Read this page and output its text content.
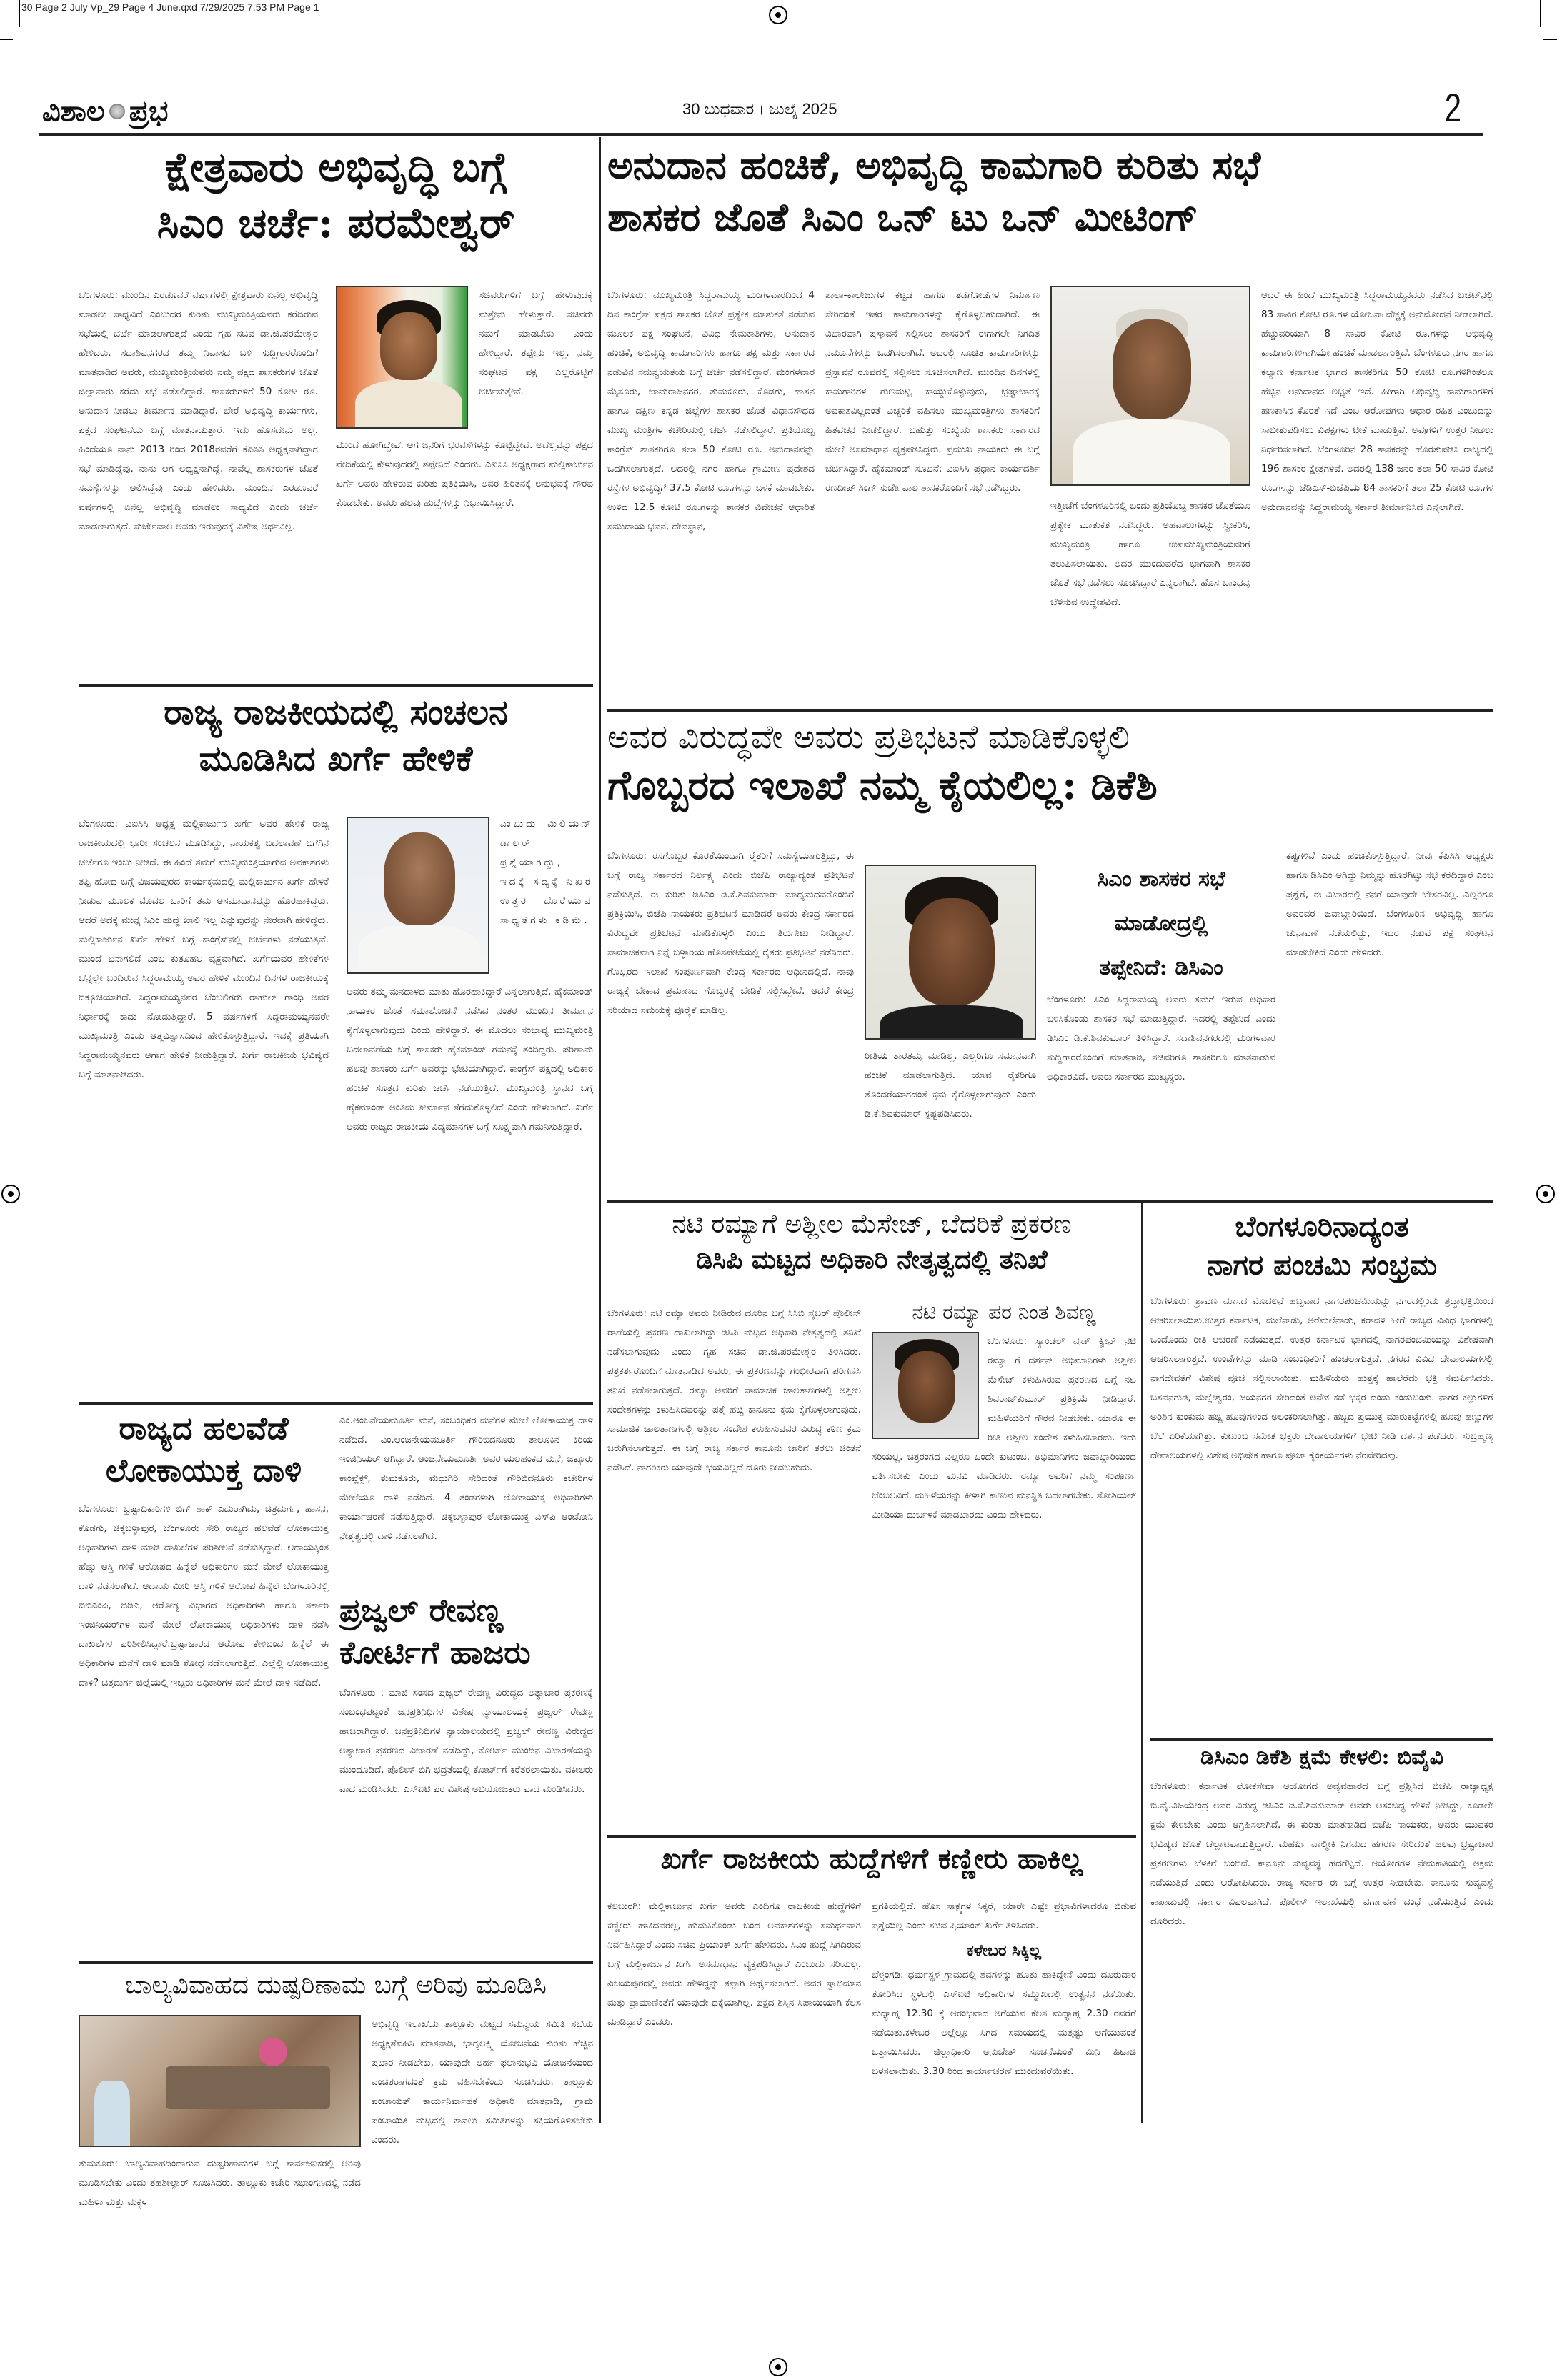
30 Page 2 July Vp_29 Page 4 June.qxd 7/29/2025 7:53 PM Page 1
ವಿಶಾಲ ಪ್ರಭ	30 ಬುಧವಾರ । ಜುಲೈ 2025	2
ಕ್ಷೇತ್ರವಾರು ಅಭಿವೃದ್ಧಿ ಬಗ್ಗೆ
ಸಿಎಂ ಚರ್ಚೆ: ಪರಮೇಶ್ವರ್
ಬೆಂಗಳೂರು: ಮುಂದಿನ ಎರಡೂವರೆ ವರ್ಷಗಳಲ್ಲಿ ಕ್ಷೇತ್ರವಾರು ಏನೆಲ್ಲ ಅಭಿವೃದ್ಧಿ ಮಾಡಲು ಸಾಧ್ಯವಿದೆ ಎಂಬುದರ ಕುರಿತು ಮುಖ್ಯಮಂತ್ರಿಯವರು ಕರೆದಿರುವ ಸಭೆಯಲ್ಲಿ ಚರ್ಚೆ ಮಾಡಲಾಗುತ್ತದೆ ಎಂದು ಗೃಹ ಸಚಿವ ಡಾ.ಜಿ.ಪರಮೇಶ್ವರ ಹೇಳಿದರು. ಸದಾಶಿವನಗರದ ತಮ್ಮ ನಿವಾಸದ ಬಳಿ ಸುದ್ದಿಗಾರರೊಂದಿಗೆ ಮಾತನಾಡಿದ ಅವರು, ಮುಖ್ಯಮಂತ್ರಿಯವರು ನಮ್ಮ ಪಕ್ಷದ ಶಾಸಕರುಗಳ ಜೊತೆ ಜಿಲ್ಲಾವಾರು ಕರೆದು ಸಭೆ ನಡೆಸಲಿದ್ದಾರೆ. ಶಾಸಕರುಗಳಿಗೆ 50 ಕೋಟಿ ರೂ. ಅನುದಾನ ನೀಡಲು ತೀರ್ಮಾನ ಮಾಡಿದ್ದಾರೆ. ಬೇರೆ ಅಭಿವೃದ್ಧಿ ಕಾರ್ಯಗಳು, ಪಕ್ಷದ ಸಂಘಟನೆಯ ಬಗ್ಗೆ ಮಾತನಾಡುತ್ತಾರೆ. ಇದು ಹೊಸದೇನು ಅಲ್ಲ. ಹಿಂದೆಯೂ ನಾನು 2013 ರಿಂದ 2018ರವರೆಗೆ ಕೆಪಿಸಿಸಿ ಅಧ್ಯಕ್ಷನಾಗಿದ್ದಾಗ ಸಭೆ ಮಾಡಿದ್ದೆವು. ನಾನು ಆಗ ಅಧ್ಯಕ್ಷನಾಗಿದ್ದೆ. ನಾವೆಲ್ಲ ಶಾಸಕರುಗಳ ಜೊತೆ ಸಮಸ್ಯೆಗಳನ್ನು ಆಲಿಸಿದ್ದೆವು ಎಂದು ಹೇಳಿದರು. ಮುಂದಿನ ಎರಡೂವರೆ ವರ್ಷಗಳಲ್ಲಿ ಏನೆಲ್ಲ ಅಭಿವೃದ್ಧಿ ಮಾಡಲು ಸಾಧ್ಯವಿದೆ ಎಂದು ಚರ್ಚೆ ಮಾಡಲಾಗುತ್ತದೆ. ಸುರ್ಜೇವಾಲ ಅವರು ಇರುವುದಕ್ಕೆ ವಿಶೇಷ ಅರ್ಥವಿಲ್ಲ.
ಸಚಿವರುಗಳಿಗೆ ಬಗ್ಗೆ ಹೇಳುವುದಕ್ಕೆ ಮತ್ತೇನು ಹೇಳುತ್ತಾರೆ. ಸಚಿವರು ನಮಗೆ ಮಾಡಬೇಕು ಎಂದು ಹೇಳಿದ್ದಾರೆ. ತಪ್ಪೇನು ಇಲ್ಲ. ನಮ್ಮ ಸಂಘಟನೆ ಪಕ್ಷ ಎಲ್ಲರೊಟ್ಟಿಗೆ ಚರ್ಚಿಸುತ್ತೇವೆ.
ಮುಂದೆ ಹೋಗಿದ್ದೇವೆ. ಆಗ ಜನರಿಗೆ ಭರವಸೆಗಳನ್ನು ಕೊಟ್ಟಿದ್ದೇವೆ. ಅದೆಲ್ಲವನ್ನು ಪಕ್ಷದ ವೇದಿಕೆಯಲ್ಲಿ ಕೇಳುವುದರಲ್ಲಿ ತಪ್ಪೇನಿದೆ ಎಂದರು. ಎಐಸಿಸಿ ಅಧ್ಯಕ್ಷರಾದ ಮಲ್ಲಿಕಾರ್ಜುನ ಖರ್ಗೆ ಅವರು ಹೇಳಿರುವ ಕುರಿತು ಪ್ರತಿಕ್ರಿಯಿಸಿ, ಅವರ ಹಿರಿತನಕ್ಕೆ ಅನುಭವಕ್ಕೆ ಗೌರವ ಕೊಡಬೇಕು. ಅವರು ಹಲವು ಹುದ್ದೆಗಳನ್ನು ನಿಭಾಯಿಸಿದ್ದಾರೆ.
ರಾಜ್ಯ ರಾಜಕೀಯದಲ್ಲಿ ಸಂಚಲನ
ಮೂಡಿಸಿದ ಖರ್ಗೆ ಹೇಳಿಕೆ
ಬೆಂಗಳೂರು: ಎಐಸಿಸಿ ಅಧ್ಯಕ್ಷ ಮಲ್ಲಿಕಾರ್ಜುನ ಖರ್ಗೆ ಅವರ ಹೇಳಿಕೆ ರಾಜ್ಯ ರಾಜಕೀಯದಲ್ಲಿ ಭಾರೀ ಸಂಚಲನ ಮೂಡಿಸಿದ್ದು, ನಾಯಕತ್ವ ಬದಲಾವಣೆ ಬಗೆಗಿನ ಚರ್ಚೆಗೂ ಇಂಬು ನೀಡಿದೆ. ಈ ಹಿಂದೆ ತಮಗೆ ಮುಖ್ಯಮಂತ್ರಿಯಾಗುವ ಅವಕಾಶಗಳು ತಪ್ಪಿ ಹೋದ ಬಗ್ಗೆ ವಿಜಯಪುರದ ಕಾರ್ಯಕ್ರಮದಲ್ಲಿ ಮಲ್ಲಿಕಾರ್ಜುನ ಖರ್ಗೆ ಹೇಳಿಕೆ ನೀಡುವ ಮೂಲಕ ಮೊದಲ ಬಾರಿಗೆ ತಮ ಅಸಮಾಧಾನವನ್ನು ಹೊರಹಾಕಿದ್ದರು. ಆದರೆ ಅದಕ್ಕೆ ಮುನ್ನ ಸಿಎಂ ಹುದ್ದೆ ಖಾಲಿ ಇಲ್ಲ ಎನ್ನುವುದನ್ನು ನೇರವಾಗಿ ಹೇಳಿದ್ದರು. ಮಲ್ಲಿಕಾರ್ಜುನ ಖರ್ಗೆ ಹೇಳಿಕೆ ಬಗ್ಗೆ ಕಾಂಗ್ರೆಸ್‌ನಲ್ಲಿ ಚರ್ಚೆಗಳು ನಡೆಯುತ್ತಿವೆ. ಮುಂದೆ ಏನಾಗಲಿದೆ ಎಂಬ ಕುತೂಹಲ ವ್ಯಕ್ತವಾಗಿದೆ. ಖರ್ಗೆಯವರ ಹೇಳಿಕೆಗಳ ಬೆನ್ನಲ್ಲೇ ಬಂದಿರುವ ಸಿದ್ದರಾಮಯ್ಯ ಅವರ ಹೇಳಿಕೆ ಮುಂದಿನ ದಿನಗಳ ರಾಜಕೀಯಕ್ಕೆ ದಿಕ್ಸೂಚಿಯಾಗಿದೆ. ಸಿದ್ದರಾಮಯ್ಯನವರ ಬೆಂಬಲಿಗರು ರಾಹುಲ್ ಗಾಂಧಿ ಅವರ ನಿರ್ಧಾರಕ್ಕೆ ಕಾದು ನೋಡುತ್ತಿದ್ದಾರೆ. 5 ವರ್ಷಗಳಿಗೆ ಸಿದ್ದರಾಮಯ್ಯನವರೇ ಮುಖ್ಯಮಂತ್ರಿ ಎಂದು ಆತ್ಮವಿಶ್ವಾಸದಿಂದ ಹೇಳಿಕೊಳ್ಳುತ್ತಿದ್ದಾರೆ. ಇದಕ್ಕೆ ಪ್ರತಿಯಾಗಿ ಸಿದ್ದರಾಮಯ್ಯನವರು ಆಗಾಗ ಹೇಳಿಕೆ ನೀಡುತ್ತಿದ್ದಾರೆ. ಖರ್ಗೆ ರಾಜಕೀಯ ಭವಿಷ್ಯದ ಬಗ್ಗೆ ಮಾತನಾಡಿದರು.
ಎಂಬುದು ಮಿಲಿಯನ್ ಡಾಲರ್ ಪ್ರಶ್ನೆಯಾಗಿದ್ದು, ಇದಕ್ಕೆ ಸದ್ಯಕ್ಕೆ ನಿಖರ ಉತ್ತರ ದೊರೆಯುವ ಸಾಧ್ಯತೆಗಳು ಕಡಿಮೆ.
ಅವರು ತಮ್ಮ ಮನದಾಳದ ಮಾತು ಹೊರಹಾಕಿದ್ದಾರೆ ಎನ್ನಲಾಗುತ್ತಿದೆ. ಹೈಕಮಾಂಡ್ ನಾಯಕರ ಜೊತೆ ಸಮಾಲೋಚನೆ ನಡೆಸಿದ ನಂತರ ಮುಂದಿನ ತೀರ್ಮಾನ ಕೈಗೊಳ್ಳಲಾಗುವುದು ಎಂದು ಹೇಳಿದ್ದಾರೆ. ಈ ಮೊದಲು ಸಂಭಾವ್ಯ ಮುಖ್ಯಮಂತ್ರಿ ಬದಲಾವಣೆಯ ಬಗ್ಗೆ ಶಾಸಕರು ಹೈಕಮಾಂಡ್ ಗಮನಕ್ಕೆ ತಂದಿದ್ದರು. ಪರಿಣಾಮ ಹಲವು ಶಾಸಕರು ಖರ್ಗೆ ಅವರನ್ನು ಭೇಟಿಯಾಗಿದ್ದಾರೆ. ಕಾಂಗ್ರೆಸ್ ಪಕ್ಷದಲ್ಲಿ ಅಧಿಕಾರ ಹಂಚಿಕೆ ಸೂತ್ರದ ಕುರಿತು ಚರ್ಚೆ ನಡೆಯುತ್ತಿದೆ. ಮುಖ್ಯಮಂತ್ರಿ ಸ್ಥಾನದ ಬಗ್ಗೆ ಹೈಕಮಾಂಡ್ ಅಂತಿಮ ತೀರ್ಮಾನ ತೆಗೆದುಕೊಳ್ಳಲಿದೆ ಎಂದು ಹೇಳಲಾಗಿದೆ. ಖರ್ಗೆ ಅವರು ರಾಜ್ಯದ ರಾಜಕೀಯ ವಿದ್ಯಮಾನಗಳ ಬಗ್ಗೆ ಸೂಕ್ಷ್ಮವಾಗಿ ಗಮನಿಸುತ್ತಿದ್ದಾರೆ.
ರಾಜ್ಯದ ಹಲವೆಡೆ
ಲೋಕಾಯುಕ್ತ ದಾಳಿ
ಬೆಂಗಳೂರು: ಭ್ರಷ್ಟಾಧಿಕಾರಿಗಳಿ ಬಿಗ್ ಶಾಕ್ ಎದುರಾಗಿದು, ಚಿತ್ರದುರ್ಗ, ಹಾಸನ, ಕೊಡಗು, ಚಿಕ್ಕಬಳ್ಳಾಪುರ, ಬೆಂಗಳೂರು ಸೇರಿ ರಾಜ್ಯದ ಹಲವೆಡೆ ಲೋಕಾಯುಕ್ತ ಅಧಿಕಾರಿಗಳು ದಾಳಿ ಮಾಡಿ ದಾಖಲೆಗಳ ಪರಿಶೀಲನೆ ನಡೆಸುತ್ತಿದ್ದಾರೆ. ಆದಾಯಕ್ಕಿಂತ ಹೆಚ್ಚು ಆಸ್ತಿ ಗಳಿಕೆ ಆರೋಪದ ಹಿನ್ನೆಲೆ ಅಧಿಕಾರಿಗಳ ಮನೆ ಮೇಲೆ ಲೋಕಾಯುಕ್ತ ದಾಳಿ ನಡೆಸಲಾಗಿದೆ. ಆದಾಯ ಮೀರಿ ಆಸ್ತಿ ಗಳಿಕೆ ಆರೋಪ ಹಿನ್ನೆಲೆ ಬೆಂಗಳೂರಿನಲ್ಲಿ ಬಿಬಿಎಂಪಿ, ಬಿಡಿಎ, ಆರೋಗ್ಯ ವಿಭಾಗದ ಅಧಿಕಾರಿಗಳು ಹಾಗೂ ಸರ್ಕಾರಿ ಇಂಜಿನಿಯರ್‌ಗಳ ಮನೆ ಮೇಲೆ ಲೋಕಾಯುಕ್ತ ಅಧಿಕಾರಿಗಳು ದಾಳಿ ನಡೆಸಿ ದಾಖಲೆಗಳ ಪರಿಶೀಲಿಸಿದ್ದಾರೆ.ಭ್ರಷ್ಟಾಚಾರದ ಆರೋಪ ಕೇಳಿಬಂದ ಹಿನ್ನೆಲೆ ಈ ಅಧಿಕಾರಿಗಳ ಮನೆಗೆ ದಾಳಿ ಮಾಡಿ ಶೋಧ ನಡೆಸಲಾಗುತ್ತಿದೆ. ಎಲ್ಲೆಲ್ಲಿ ಲೋಕಾಯುಕ್ತ ದಾಳಿ? ಚಿತ್ರದುರ್ಗ ಜಿಲ್ಲೆಯಲ್ಲಿ ಇಬ್ಬರು ಅಧಿಕಾರಿಗಳ ಮನೆ ಮೇಲೆ ದಾಳಿ ನಡೆದಿದೆ.
ಎಂ.ಆಂಜನೇಯಮೂರ್ತಿ ಮನೆ, ಸಂಬಂಧಿಕರ ಮನೆಗಳ ಮೇಲೆ ಲೋಕಾಯುಕ್ತ ದಾಳಿ ನಡೆದಿದೆ. ಎಂ.ಆಂಜನೇಯಮೂರ್ತಿ ಗೌರಿಬಿದನೂರು ತಾಲೂಕಿನ ಕಿರಿಯ ಇಂಜಿನಿಯರ್ ಆಗಿದ್ದಾರೆ. ಆಂಜನೇಯಮೂರ್ತಿ ಅವರ ಯಲಹಂಕದ ಮನೆ, ಜಕ್ಕೂರು ಕಾಂಪ್ಲೆಕ್ಸ್, ತುಮಕೂರು, ಮಧುಗಿರಿ ಸೇರಿದಂತೆ ಗೌರಿಬಿದನೂರು ಕಚೇರಿಗಳ ಮೇಲೆಯೂ ದಾಳಿ ನಡೆದಿದೆ. 4 ತಂಡಗಳಾಗಿ ಲೋಕಾಯುಕ್ತ ಅಧಿಕಾರಿಗಳು ಕಾರ್ಯಾಚರಣೆ ನಡೆಸುತ್ತಿದ್ದಾರೆ. ಚಿಕ್ಕಬಳ್ಳಾಪುರ ಲೋಕಾಯುಕ್ತ ಎಸ್‌ಪಿ ಆಂಟೋನಿ ನೇತೃತ್ವದಲ್ಲಿ ದಾಳಿ ನಡೆಸಲಾಗಿದೆ.
ಪ್ರಜ್ವಲ್ ರೇವಣ್ಣ
ಕೋರ್ಟಿಗೆ ಹಾಜರು
ಬೆಂಗಳೂರು : ಮಾಜಿ ಸಂಸದ ಪ್ರಜ್ವಲ್ ರೇವಣ್ಣ ವಿರುದ್ಧದ ಅತ್ಯಾಚಾರ ಪ್ರಕರಣಕ್ಕೆ ಸಂಬಂಧಪಟ್ಟಂತೆ ಜನಪ್ರತಿನಿಧಿಗಳ ವಿಶೇಷ ನ್ಯಾಯಾಲಯಕ್ಕೆ ಪ್ರಜ್ವಲ್ ರೇವಣ್ಣ ಹಾಜರಾಗಿದ್ದಾರೆ. ಜನಪ್ರತಿನಿಧಿಗಳ ನ್ಯಾಯಾಲಯದಲ್ಲಿ ಪ್ರಜ್ವಲ್ ರೇವಣ್ಣ ವಿರುದ್ಧದ ಅತ್ಯಾಚಾರ ಪ್ರಕರಣದ ವಿಚಾರಣೆ ನಡೆದಿದ್ದು, ಕೋರ್ಟ್ ಮುಂದಿನ ವಿಚಾರಣೆಯನ್ನು ಮುಂದೂಡಿದೆ. ಪೊಲೀಸ್ ಬಿಗಿ ಭದ್ರತೆಯಲ್ಲಿ ಕೋರ್ಟ್‌ಗೆ ಕರೆತರಲಾಯಿತು. ವಕೀಲರು ವಾದ ಮಂಡಿಸಿದರು. ಎಸ್‌ಐಟಿ ಪರ ವಿಶೇಷ ಅಭಿಯೋಜಕರು ವಾದ ಮಂಡಿಸಿದರು.
ಬಾಲ್ಯವಿವಾಹದ ದುಷ್ಪರಿಣಾಮ ಬಗ್ಗೆ ಅರಿವು ಮೂಡಿಸಿ
ಅಭಿವೃದ್ಧಿ ಇಲಾಖೆಯ ತಾಲ್ಲೂಕು ಮಟ್ಟದ ಸಮನ್ವಯ ಸಮಿತಿ ಸಭೆಯ ಅಧ್ಯಕ್ಷತೆವಹಿಸಿ ಮಾತನಾಡಿ, ಭಾಗ್ಯಲಕ್ಷ್ಮಿ ಯೋಜನೆಯ ಕುರಿತು ಹೆಚ್ಚಿನ ಪ್ರಚಾರ ನೀಡಬೇಕು, ಯಾವುದೇ ಅರ್ಹ ಫಲಾನುಭವಿ ಯೋಜನೆಯಿಂದ ವಂಚಿತರಾಗದಂತೆ ಕ್ರಮ ವಹಿಸಬೇಕೆಂದು ಸೂಚಿಸಿದರು. ತಾಲ್ಲೂಕು ಪಂಚಾಯತ್ ಕಾರ್ಯನಿರ್ವಾಹಕ ಅಧಿಕಾರಿ ಮಾತನಾಡಿ, ಗ್ರಾಮ ಪಂಚಾಯಿತಿ ಮಟ್ಟದಲ್ಲಿ ಕಾವಲು ಸಮಿತಿಗಳನ್ನು ಸಕ್ರಿಯಗೊಳಿಸಬೇಕು ಎಂದರು.
ತುಮಕೂರು: ಬಾಲ್ಯವಿವಾಹದಿಂದಾಗುವ ದುಷ್ಪರಿಣಾಮಗಳ ಬಗ್ಗೆ ಸಾರ್ವಜನಿಕರಲ್ಲಿ ಅರಿವು ಮೂಡಿಸಬೇಕು ಎಂದು ತಹಶೀಲ್ದಾರ್ ಸೂಚಿಸಿದರು. ತಾಲ್ಲೂಕು ಕಚೇರಿ ಸಭಾಂಗಣದಲ್ಲಿ ನಡೆದ ಮಹಿಳಾ ಮತ್ತು ಮಕ್ಕಳ
ಅನುದಾನ ಹಂಚಿಕೆ, ಅಭಿವೃದ್ಧಿ ಕಾಮಗಾರಿ ಕುರಿತು ಸಭೆ
ಶಾಸಕರ ಜೊತೆ ಸಿಎಂ ಒನ್ ಟು ಒನ್ ಮೀಟಿಂಗ್
ಬೆಂಗಳೂರು: ಮುಖ್ಯಮಂತ್ರಿ ಸಿದ್ದರಾಮಯ್ಯ ಮಂಗಳವಾರದಿಂದ 4 ದಿನ ಕಾಂಗ್ರೆಸ್ ಪಕ್ಷದ ಶಾಸಕರ ಜೊತೆ ಪ್ರತ್ಯೇಕ ಮಾತುಕತೆ ನಡೆಸುವ ಮೂಲಕ ಪಕ್ಷ ಸಂಘಟನೆ, ವಿವಿಧ ನೇಮಕಾತಿಗಳು, ಅನುದಾನ ಹಂಚಿಕೆ, ಅಭಿವೃದ್ಧಿ ಕಾಮಗಾರಿಗಳು ಹಾಗೂ ಪಕ್ಷ ಮತ್ತು ಸರ್ಕಾರದ ನಡುವಿನ ಸಮನ್ವಯತೆಯ ಬಗ್ಗೆ ಚರ್ಚೆ ನಡೆಸಲಿದ್ದಾರೆ. ಮಂಗಳವಾರ ಮೈಸೂರು, ಚಾಮರಾಜನಗರ, ತುಮಕೂರು, ಕೊಡಗು, ಹಾಸನ ಹಾಗೂ ದಕ್ಷಿಣ ಕನ್ನಡ ಜಿಲ್ಲೆಗಳ ಶಾಸಕರ ಜೊತೆ ವಿಧಾನಸೌಧದ ಮುಖ್ಯ ಮಂತ್ರಿಗಳ ಕಚೇರಿಯಲ್ಲಿ ಚರ್ಚೆ ನಡೆಸಲಿದ್ದಾರೆ. ಪ್ರತಿಯೊಬ್ಬ ಕಾಂಗ್ರೆಸ್ ಶಾಸಕರಿಗೂ ತಲಾ 50 ಕೋಟಿ ರೂ. ಅನುದಾನವನ್ನು ಒದಗಿಸಲಾಗುತ್ತದೆ. ಅದರಲ್ಲಿ ನಗರ ಹಾಗೂ ಗ್ರಾಮೀಣ ಪ್ರದೇಶದ ರಸ್ತೆಗಳ ಅಭಿವೃದ್ಧಿಗೆ 37.5 ಕೋಟಿ ರೂ.ಗಳನ್ನು ಬಳಕೆ ಮಾಡಬೇಕು. ಉಳಿದ 12.5 ಕೋಟಿ ರೂ.ಗಳನ್ನು ಶಾಸಕರ ವಿವೇಚನೆ ಆಧಾರಿತ ಸಮುದಾಯ ಭವನ, ದೇವಸ್ಥಾನ,
ಶಾಲಾ-ಕಾಲೇಜುಗಳ ಕಟ್ಟಡ ಹಾಗೂ ತಡೆಗೋಡೆಗಳ ನಿರ್ಮಾಣ ಸೇರಿದಂತೆ ಇತರ ಕಾಮಗಾರಿಗಳನ್ನು ಕೈಗೊಳ್ಳಬಹುದಾಗಿದೆ. ಈ ವಿಚಾರವಾಗಿ ಪ್ರಸ್ತಾವನೆ ಸಲ್ಲಿಸಲು ಶಾಸಕರಿಗೆ ಈಗಾಗಲೇ ನಿಗದಿತ ನಮೂನೆಗಳನ್ನು ಒದಗಿಸಲಾಗಿದೆ. ಅದರಲ್ಲಿ ಸೂಚಿತ ಕಾಮಗಾರಿಗಳನ್ನು ಪ್ರಸ್ತಾವನೆ ರೂಪದಲ್ಲಿ ಸಲ್ಲಿಸಲು ಸೂಚಿಸಲಾಗಿದೆ. ಮುಂದಿನ ದಿನಗಳಲ್ಲಿ ಕಾಮಗಾರಿಗಳ ಗುಣಮಟ್ಟ ಕಾಯ್ದುಕೊಳ್ಳುವುದು, ಭ್ರಷ್ಟಾಚಾರಕ್ಕೆ ಅವಕಾಶವಿಲ್ಲದಂತೆ ಎಚ್ಚರಿಕೆ ವಹಿಸಲು ಮುಖ್ಯಮಂತ್ರಿಗಳು ಶಾಸಕರಿಗೆ ಹಿತವಚನ ನೀಡಲಿದ್ದಾರೆ. ಬಹುತ್ತು ಸಂಖ್ಯೆಯ ಶಾಸಕರು ಸರ್ಕಾರದ ಮೇಲೆ ಅಸಮಾಧಾನ ವ್ಯಕ್ತಪಡಿಸಿದ್ದರು. ಪ್ರಮುಖ ನಾಯಕರು ಈ ಬಗ್ಗೆ ಚರ್ಚಿಸಿದ್ದಾರೆ. ಹೈಕಮಾಂಡ್ ಸೂಚನೆ: ಎಐಸಿಸಿ ಪ್ರಧಾನ ಕಾರ್ಯದರ್ಶಿ ರಣದೀಪ್ ಸಿಂಗ್ ಸುರ್ಜೇವಾಲ ಶಾಸಕರೊಂದಿಗೆ ಸಭೆ ನಡೆಸಿದ್ದರು.
ಇತ್ತೀಚೆಗೆ ಬೆಂಗಳೂರಿನಲ್ಲಿ ಬಂದು ಪ್ರತಿಯೊಬ್ಬ ಶಾಸಕರ ಜೊತೆಯೂ ಪ್ರತ್ಯೇಕ ಮಾತುಕತೆ ನಡೆಸಿದ್ದರು. ಅಹವಾಲುಗಳನ್ನು ಸ್ವೀಕರಿಸಿ, ಮುಖ್ಯಮಂತ್ರಿ ಹಾಗೂ ಉಪಮುಖ್ಯಮಂತ್ರಿಯವರಿಗೆ ತಲುಪಿಸಲಾಯಿತು. ಅದರ ಮುಂದುವರೆದ ಭಾಗವಾಗಿ ಶಾಸಕರ ಜೊತೆ ಸಭೆ ನಡೆಸಲು ಸೂಚಿಸಿದ್ದಾರೆ ಎನ್ನಲಾಗಿದೆ. ಹೊಸ ಬಾಂಧವ್ಯ ಬೆಳೆಸುವ ಉದ್ದೇಶವಿದೆ.
ಆದರೆ ಈ ಹಿಂದೆ ಮುಖ್ಯಮಂತ್ರಿ ಸಿದ್ದರಾಮಯ್ಯನವರು ನಡೆಸಿದ ಬಜೆಟ್‌ನಲ್ಲಿ 83 ಸಾವಿರ ಕೋಟಿ ರೂ.ಗಳ ಯೋಜನಾ ವೆಚ್ಚಕ್ಕೆ ಅನುಮೋದನೆ ನೀಡಲಾಗಿದೆ. ಹೆಚ್ಚುವರಿಯಾಗಿ 8 ಸಾವಿರ ಕೋಟಿ ರೂ.ಗಳನ್ನು ಅಭಿವೃದ್ಧಿ ಕಾಮಗಾರಿಗಳಿಗಾಗಿಯೇ ಹಂಚಿಕೆ ಮಾಡಲಾಗುತ್ತಿದೆ. ಬೆಂಗಳೂರು ನಗರ ಹಾಗೂ ಕಲ್ಯಾಣ ಕರ್ನಾಟಕ ಭಾಗದ ಶಾಸಕರಿಗೂ 50 ಕೋಟಿ ರೂ.ಗಳಿಗಿಂತಲೂ ಹೆಚ್ಚಿನ ಅನುದಾನದ ಲಭ್ಯತೆ ಇದೆ. ಹೀಗಾಗಿ ಅಭಿವೃದ್ಧಿ ಕಾಮಗಾರಿಗಳಿಗೆ ಹಣಕಾಸಿನ ಕೊರತೆ ಇದೆ ಎಂಬ ಆರೋಪಗಳು ಆಧಾರ ರಹಿತ ಎಂಬುದನ್ನು ಸಾಬೀತುಪಡಿಸಲು ವಿಪಕ್ಷಗಳು ಟೀಕೆ ಮಾಡುತ್ತಿವೆ. ಅವುಗಳಿಗೆ ಉತ್ತರ ನೀಡಲು ನಿರ್ಧರಿಸಲಾಗಿದೆ. ಬೆಂಗಳೂರಿನ 28 ಶಾಸಕರನ್ನು ಹೊರತುಪಡಿಸಿ ರಾಜ್ಯದಲ್ಲಿ 196 ಶಾಸಕರ ಕ್ಷೇತ್ರಗಳಿವೆ. ಅದರಲ್ಲಿ 138 ಜನರ ತಲಾ 50 ಸಾವಿರ ಕೋಟಿ ರೂ.ಗಳನ್ನು ಜೆಡಿಎಸ್-ಬಿಜೆಪಿಯ 84 ಶಾಸಕರಿಗೆ ತಲಾ 25 ಕೋಟಿ ರೂ.ಗಳ ಅನುದಾನವನ್ನು ಸಿದ್ದರಾಮಯ್ಯ ಸರ್ಕಾರ ತೀರ್ಮಾನಿಸಿದೆ ಎನ್ನಲಾಗಿದೆ.
ಅವರ ವಿರುದ್ಧವೇ ಅವರು ಪ್ರತಿಭಟನೆ ಮಾಡಿಕೊಳ್ಳಲಿ
ಗೊಬ್ಬರದ ಇಲಾಖೆ ನಮ್ಮ ಕೈಯಲಿಲ್ಲ: ಡಿಕೆಶಿ
ಬೆಂಗಳೂರು: ರಸಗೊಬ್ಬರ ಕೊರತೆಯಿಂದಾಗಿ ರೈತರಿಗೆ ಸಮಸ್ಯೆಯಾಗುತ್ತಿದ್ದು, ಈ ಬಗ್ಗೆ ರಾಜ್ಯ ಸರ್ಕಾರದ ನಿರ್ಲಕ್ಷ್ಯ ಎಂದು ಬಿಜೆಪಿ ರಾಜ್ಯಾದ್ಯಂತ ಪ್ರತಿಭಟನೆ ನಡೆಸುತ್ತಿದೆ. ಈ ಕುರಿತು ಡಿಸಿಎಂ ಡಿ.ಕೆ.ಶಿವಕುಮಾರ್ ಮಾಧ್ಯಮದವರೊಂದಿಗೆ ಪ್ರತಿಕ್ರಿಯಿಸಿ, ಬಿಜೆಪಿ ನಾಯಕರು ಪ್ರತಿಭಟನೆ ಮಾಡಿದರೆ ಅವರು ಕೇಂದ್ರ ಸರ್ಕಾರದ ವಿರುದ್ಧವೇ ಪ್ರತಿಭಟನೆ ಮಾಡಿಕೊಳ್ಳಲಿ ಎಂದು ತಿರುಗೇಟು ನೀಡಿದ್ದಾರೆ. ಸಾಮಾಜಿಕವಾಗಿ ನಿನ್ನೆ ಬಳ್ಳಾರಿಯ ಹೊಸಪೇಟೆಯಲ್ಲಿ ರೈತರು ಪ್ರತಿಭಟನೆ ನಡೆಸಿದರು. ಗೊಬ್ಬರದ ಇಲಾಖೆ ಸಂಪೂರ್ಣವಾಗಿ ಕೇಂದ್ರ ಸರ್ಕಾರದ ಅಧೀನದಲ್ಲಿದೆ. ನಾವು ರಾಜ್ಯಕ್ಕೆ ಬೇಕಾದ ಪ್ರಮಾಣದ ಗೊಬ್ಬರಕ್ಕೆ ಬೇಡಿಕೆ ಸಲ್ಲಿಸಿದ್ದೇವೆ. ಆದರೆ ಕೇಂದ್ರ ಸರಿಯಾದ ಸಮಯಕ್ಕೆ ಪೂರೈಕೆ ಮಾಡಿಲ್ಲ.
ರೀತಿಯ ತಾರತಮ್ಯ ಮಾಡಿಲ್ಲ. ಎಲ್ಲರಿಗೂ ಸಮಾನವಾಗಿ ಹಂಚಿಕೆ ಮಾಡಲಾಗುತ್ತಿದೆ. ಯಾವ ರೈತರಿಗೂ ತೊಂದರೆಯಾಗದಂತೆ ಕ್ರಮ ಕೈಗೊಳ್ಳಲಾಗುವುದು ಎಂದು ಡಿ.ಕೆ.ಶಿವಕುಮಾರ್ ಸ್ಪಷ್ಟಪಡಿಸಿದರು.
ಸಿಎಂ ಶಾಸಕರ ಸಭೆ
ಮಾಡೋದ್ರಲ್ಲಿ
ತಪ್ಪೇನಿದೆ: ಡಿಸಿಎಂ
ಬೆಂಗಳೂರು: ಸಿಎಂ ಸಿದ್ದರಾಮಯ್ಯ ಅವರು ತಮಗೆ ಇರುವ ಅಧಿಕಾರ ಬಳಸಿಕೊಂಡು ಶಾಸಕರ ಸಭೆ ಮಾಡುತ್ತಿದ್ದಾರೆ, ಇದರಲ್ಲಿ ತಪ್ಪೇನಿದೆ ಎಂದು ಡಿಸಿಎಂ ಡಿ.ಕೆ.ಶಿವಕುಮಾರ್ ತಿಳಿಸಿದ್ದಾರೆ. ಸದಾಶಿವನಗರದಲ್ಲಿ ಮಂಗಳವಾರ ಸುದ್ದಿಗಾರರೊಂದಿಗೆ ಮಾತನಾಡಿ, ಸಚಿವರಿಗೂ ಶಾಸಕರಿಗೂ ಮಾತನಾಡುವ ಅಧಿಕಾರವಿದೆ. ಅವರು ಸರ್ಕಾರದ ಮುಖ್ಯಸ್ಥರು.
ಕಷ್ಟಗಳಿವೆ ಎಂದು ಹಂಚಿಕೊಳ್ಳುತ್ತಿದ್ದಾರೆ. ನೀವು ಕೆಪಿಸಿಸಿ ಅಧ್ಯಕ್ಷರು ಹಾಗೂ ಡಿಸಿಎಂ ಆಗಿದ್ದು ನಿಮ್ಮನ್ನು ಹೊರಗಿಟ್ಟು ಸಭೆ ಕರೆದಿದ್ದಾರೆ ಎಂಬ ಪ್ರಶ್ನೆಗೆ, ಈ ವಿಚಾರದಲ್ಲಿ ನನಗೆ ಯಾವುದೇ ಬೇಸರವಿಲ್ಲ. ಎಲ್ಲರಿಗೂ ಅವರವರ ಜವಾಬ್ದಾರಿಯಿದೆ. ಬೆಂಗಳೂರಿನ ಅಭಿವೃದ್ಧಿ ಹಾಗೂ ಚುನಾವಣೆ ನಡೆಯಲಿದ್ದು, ಇದರ ನಡುವೆ ಪಕ್ಷ ಸಂಘಟನೆ ಮಾಡಬೇಕಿದೆ ಎಂದು ಹೇಳಿದರು.
ನಟಿ ರಮ್ಯಾಗೆ ಅಶ್ಲೀಲ ಮೆಸೇಜ್, ಬೆದರಿಕೆ ಪ್ರಕರಣ
ಡಿಸಿಪಿ ಮಟ್ಟದ ಅಧಿಕಾರಿ ನೇತೃತ್ವದಲ್ಲಿ ತನಿಖೆ
ಬೆಂಗಳೂರು: ನಟಿ ರಮ್ಯಾ ಅವರು ನೀಡಿರುವ ದೂರಿನ ಬಗ್ಗೆ ಸಿಸಿಬಿ ಸೈಬರ್ ಪೊಲೀಸ್ ಠಾಣೆಯಲ್ಲಿ ಪ್ರಕರಣ ದಾಖಲಾಗಿದ್ದು ಡಿಸಿಪಿ ಮಟ್ಟದ ಅಧಿಕಾರಿ ನೇತೃತ್ವದಲ್ಲಿ ತನಿಖೆ ನಡೆಸಲಾಗುವುದು ಎಂದು ಗೃಹ ಸಚಿವ ಡಾ.ಜಿ.ಪರಮೇಶ್ವರ ತಿಳಿಸಿದರು. ಪತ್ರಕರ್ತರೊಂದಿಗೆ ಮಾತನಾಡಿದ ಅವರು, ಈ ಪ್ರಕರಣವನ್ನು ಗಂಭೀರವಾಗಿ ಪರಿಗಣಿಸಿ ತನಿಖೆ ನಡೆಸಲಾಗುತ್ತದೆ. ರಮ್ಯಾ ಅವರಿಗೆ ಸಾಮಾಜಿಕ ಜಾಲತಾಣಗಳಲ್ಲಿ ಅಶ್ಲೀಲ ಸಂದೇಶಗಳನ್ನು ಕಳುಹಿಸಿದವರನ್ನು ಪತ್ತೆ ಹಚ್ಚಿ ಕಾನೂನು ಕ್ರಮ ಕೈಗೊಳ್ಳಲಾಗುವುದು. ಸಾಮಾಜಿಕ ಜಾಲತಾಣಗಳಲ್ಲಿ ಅಶ್ಲೀಲ ಸಂದೇಶ ಕಳುಹಿಸುವವರ ವಿರುದ್ಧ ಕಠಿಣ ಕ್ರಮ ಜರುಗಿಸಲಾಗುತ್ತದೆ. ಈ ಬಗ್ಗೆ ರಾಜ್ಯ ಸರ್ಕಾರ ಕಾನೂನು ಜಾರಿಗೆ ತರಲು ಚಿಂತನೆ ನಡೆಸಿದೆ. ನಾಗರಿಕರು ಯಾವುದೇ ಭಯವಿಲ್ಲದೆ ದೂರು ನೀಡಬಹುದು.
ನಟಿ ರಮ್ಯಾ ಪರ ನಿಂತ ಶಿವಣ್ಣ
ಬೆಂಗಳೂರು: ಸ್ಯಾಂಡಲ್ ವುಡ್ ಕ್ವೀನ್ ನಟಿ ರಮ್ಯಾ ಗೆ ದರ್ಶನ್ ಅಭಿಮಾನಿಗಳು ಅಶ್ಲೀಲ ಮೆಸೇಜ್ ಕಳುಹಿಸಿರುವ ಪ್ರಕರಣದ ಬಗ್ಗೆ ನಟ ಶಿವರಾಜ್‌ಕುಮಾರ್ ಪ್ರತಿಕ್ರಿಯೆ ನೀಡಿದ್ದಾರೆ. ಮಹಿಳೆಯರಿಗೆ ಗೌರವ ನೀಡಬೇಕು. ಯಾರೂ ಈ ರೀತಿ ಅಶ್ಲೀಲ ಸಂದೇಶ ಕಳುಹಿಸಬಾರದು. ಇದು ಸರಿಯಲ್ಲ. ಚಿತ್ರರಂಗದ ಎಲ್ಲರೂ ಒಂದೇ ಕುಟುಂಬ. ಅಭಿಮಾನಿಗಳು ಜವಾಬ್ದಾರಿಯಿಂದ ವರ್ತಿಸಬೇಕು ಎಂದು ಮನವಿ ಮಾಡಿದರು. ರಮ್ಯಾ ಅವರಿಗೆ ನಮ್ಮ ಸಂಪೂರ್ಣ ಬೆಂಬಲವಿದೆ. ಮಹಿಳೆಯರನ್ನು ಕೀಳಾಗಿ ಕಾಣುವ ಮನಸ್ಥಿತಿ ಬದಲಾಗಬೇಕು. ಸೋಶಿಯಲ್ ಮೀಡಿಯಾ ದುರ್ಬಳಕೆ ಮಾಡಬಾರದು ಎಂದು ಹೇಳಿದರು.
ಖರ್ಗೆ ರಾಜಕೀಯ ಹುದ್ದೆಗಳಿಗೆ ಕಣ್ಣೀರು ಹಾಕಿಲ್ಲ
ಕಲಬುರಗಿ: ಮಲ್ಲಿಕಾರ್ಜುನ ಖರ್ಗೆ ಅವರು ಎಂದಿಗೂ ರಾಜಕೀಯ ಹುದ್ದೆಗಳಿಗೆ ಕಣ್ಣೀರು ಹಾಕಿದವರಲ್ಲ, ಹುಡುಕಿಕೊಂಡು ಬಂದ ಅವಕಾಶಗಳನ್ನು ಸಮರ್ಥವಾಗಿ ನಿರ್ವಹಿಸಿದ್ದಾರೆ ಎಂದು ಸಚಿವ ಪ್ರಿಯಾಂಕ್ ಖರ್ಗೆ ಹೇಳಿದರು. ಸಿಎಂ ಹುದ್ದೆ ಸಿಗದಿರುವ ಬಗ್ಗೆ ಮಲ್ಲಿಕಾರ್ಜುನ ಖರ್ಗೆ ಅಸಮಾಧಾನ ವ್ಯಕ್ತಪಡಿಸಿದ್ದಾರೆ ಎಂಬುದು ಸರಿಯಲ್ಲ. ವಿಜಯಪುರದಲ್ಲಿ ಅವರು ಹೇಳಿದ್ದನ್ನು ತಪ್ಪಾಗಿ ಅರ್ಥೈಸಲಾಗಿದೆ. ಅವರ ಸ್ವಾಭಿಮಾನ ಮತ್ತು ಪ್ರಾಮಾಣಿಕತೆಗೆ ಯಾವುದೇ ಧಕ್ಕೆಯಾಗಿಲ್ಲ. ಪಕ್ಷದ ಶಿಸ್ತಿನ ಸಿಪಾಯಿಯಾಗಿ ಕೆಲಸ ಮಾಡಿದ್ದಾರೆ ಎಂದರು.
ಪ್ರಗತಿಯಲ್ಲಿದೆ. ಹೊಸ ಸಾಕ್ಷ್ಯಗಳ ಸಿಕ್ಕರೆ, ಯಾರೇ ಎಷ್ಟೇ ಪ್ರಭಾವಿಗಳಾದರೂ ಬಿಡುವ ಪ್ರಶ್ನೆಯಿಲ್ಲ ಎಂದು ಸಚಿವ ಪ್ರಿಯಾಂಕ್ ಖರ್ಗೆ ತಿಳಿಸಿದರು.
ಕಳೇಬರ ಸಿಕ್ಕಿಲ್ಲ
ಬೆಳ್ತಂಗಡಿ: ಧರ್ಮಸ್ಥಳ ಗ್ರಾಮದಲ್ಲಿ ಶವಗಳನ್ನು ಹೂತು ಹಾಕಿದ್ದೇನೆ ಎಂದು ದೂರುದಾರ ತೋರಿಸಿದ ಸ್ಥಳದಲ್ಲಿ ಎಸ್‌ಐಟಿ ಅಧಿಕಾರಿಗಳ ಸಮ್ಮುಖದಲ್ಲಿ ಉತ್ಖನನ ನಡೆಯಿತು. ಮಧ್ಯಾಹ್ನ 12.30 ಕ್ಕೆ ಆರಂಭವಾದ ಅಗೆಯುವ ಕೆಲಸ ಮಧ್ಯಾಹ್ನ 2.30 ರವರೆಗೆ ನಡೆಯಿತು.ಕಳೇಬರ ಅಲ್ಲೆಲ್ಲೂ ಸಿಗದ ಸಮಯದಲ್ಲಿ ಮತ್ತಷ್ಟು ಅಗೆಯುವಂತೆ ಒತ್ತಾಯಿಸಿದರು. ಜಿಲ್ಲಾಧಿಕಾರಿ ಅನುಚೇತ್ ಸೂಚನೆಯಂತೆ ಮಿನಿ ಹಿಟಾಚಿ ಬಳಸಲಾಯಿತು. 3.30 ರಿಂದ ಕಾರ್ಯಾಚರಣೆ ಮುಂದುವರೆಯಿತು.
ಬೆಂಗಳೂರಿನಾದ್ಯಂತ
ನಾಗರ ಪಂಚಮಿ ಸಂಭ್ರಮ
ಬೆಂಗಳೂರು: ಶ್ರಾವಣ ಮಾಸದ ಮೊದಲನೆ ಹಬ್ಬವಾದ ನಾಗರಪಂಚಮಿಯನ್ನು ನಗರದಲ್ಲಿಂದು ಶ್ರದ್ಧಾಭಕ್ತಿಯಿಂದ ಆಚರಿಸಲಾಯಿತು.ಉತ್ತರ ಕರ್ನಾಟಕ, ಮಲೆನಾಡು, ಅರೆಮಲೆನಾಡು, ಕರಾವಳಿ ಹೀಗೆ ರಾಜ್ಯದ ವಿವಿಧ ಭಾಗಗಳಲ್ಲಿ ಒಂದೊಂದು ರೀತಿ ಆಚರಣೆ ನಡೆಯುತ್ತದೆ. ಉತ್ತರ ಕರ್ನಾಟಕ ಭಾಗದಲ್ಲಿ ನಾಗರಪಂಚಮಿಯನ್ನು ವಿಶೇಷವಾಗಿ ಆಚರಿಸಲಾಗುತ್ತದೆ. ಉಂಡೆಗಳನ್ನು ಮಾಡಿ ಸಂಬಂಧಿಕರಿಗೆ ಹಂಚಲಾಗುತ್ತದೆ. ನಗರದ ವಿವಿಧ ದೇವಾಲಯಗಳಲ್ಲಿ ನಾಗದೇವತೆಗೆ ವಿಶೇಷ ಪೂಜೆ ಸಲ್ಲಿಸಲಾಯಿತು. ಮಹಿಳೆಯರು ಹುತ್ತಕ್ಕೆ ಹಾಲೆರೆದು ಭಕ್ತಿ ಸಮರ್ಪಿಸಿದರು. ಬಸವನಗುಡಿ, ಮಲ್ಲೇಶ್ವರಂ, ಜಯನಗರ ಸೇರಿದಂತೆ ಅನೇಕ ಕಡೆ ಭಕ್ತರ ದಂಡು ಕಂಡುಬಂತು. ನಾಗರ ಕಲ್ಲುಗಳಿಗೆ ಅರಿಶಿನ ಕುಂಕುಮ ಹಚ್ಚಿ ಹೂವುಗಳಿಂದ ಅಲಂಕರಿಸಲಾಗಿತ್ತು. ಹಬ್ಬದ ಪ್ರಯುಕ್ತ ಮಾರುಕಟ್ಟೆಗಳಲ್ಲಿ ಹೂವು ಹಣ್ಣುಗಳ ಬೆಲೆ ಏರಿಕೆಯಾಗಿತ್ತು. ಕುಟುಂಬ ಸಮೇತ ಭಕ್ತರು ದೇವಾಲಯಗಳಿಗೆ ಭೇಟಿ ನೀಡಿ ದರ್ಶನ ಪಡೆದರು. ಸುಬ್ರಹ್ಮಣ್ಯ ದೇವಾಲಯಗಳಲ್ಲಿ ವಿಶೇಷ ಅಭಿಷೇಕ ಹಾಗೂ ಪೂಜಾ ಕೈಂಕರ್ಯಗಳು ನೆರವೇರಿದವು.
ಡಿಸಿಎಂ ಡಿಕೆಶಿ ಕ್ಷಮೆ ಕೇಳಲಿ: ಬಿವೈವಿ
ಬೆಂಗಳೂರು: ಕರ್ನಾಟಕ ಲೋಕಸೇವಾ ಆಯೋಗದ ಅವ್ಯವಹಾರದ ಬಗ್ಗೆ ಪ್ರಶ್ನಿಸಿದ ಬಿಜೆಪಿ ರಾಜ್ಯಾಧ್ಯಕ್ಷ ಬಿ.ವೈ.ವಿಜಯೇಂದ್ರ ಅವರ ವಿರುದ್ಧ ಡಿಸಿಎಂ ಡಿ.ಕೆ.ಶಿವಕುಮಾರ್ ಅವರು ಅಸಂಬದ್ಧ ಹೇಳಿಕೆ ನೀಡಿದ್ದು, ಕೂಡಲೇ ಕ್ಷಮೆ ಕೇಳಬೇಕು ಎಂದು ಆಗ್ರಹಿಸಲಾಗಿದೆ. ಈ ಕುರಿತು ಮಾತನಾಡಿದ ಬಿಜೆಪಿ ನಾಯಕರು, ಅವರು ಯುವಕರ ಭವಿಷ್ಯದ ಜೊತೆ ಚೆಲ್ಲಾಟವಾಡುತ್ತಿದ್ದಾರೆ. ಮಹರ್ಷಿ ವಾಲ್ಮೀಕಿ ನಿಗಮದ ಹಗರಣ ಸೇರಿದಂತೆ ಹಲವು ಭ್ರಷ್ಟಾಚಾರ ಪ್ರಕರಣಗಳು ಬೆಳಕಿಗೆ ಬಂದಿವೆ. ಕಾನೂನು ಸುವ್ಯವಸ್ಥೆ ಹದಗೆಟ್ಟಿದೆ. ಆಯೋಗಗಳ ನೇಮಕಾತಿಯಲ್ಲಿ ಅಕ್ರಮ ನಡೆಯುತ್ತಿದೆ ಎಂದು ಆರೋಪಿಸಿದರು. ರಾಜ್ಯ ಸರ್ಕಾರ ಈ ಬಗ್ಗೆ ಉತ್ತರ ನೀಡಬೇಕು. ಕಾನೂನು ಸುವ್ಯವಸ್ಥೆ ಕಾಪಾಡುವಲ್ಲಿ ಸರ್ಕಾರ ವಿಫಲವಾಗಿದೆ. ಪೊಲೀಸ್ ಇಲಾಖೆಯಲ್ಲಿ ವರ್ಗಾವಣೆ ದಂಧೆ ನಡೆಯುತ್ತಿದೆ ಎಂದು ದೂರಿದರು.
